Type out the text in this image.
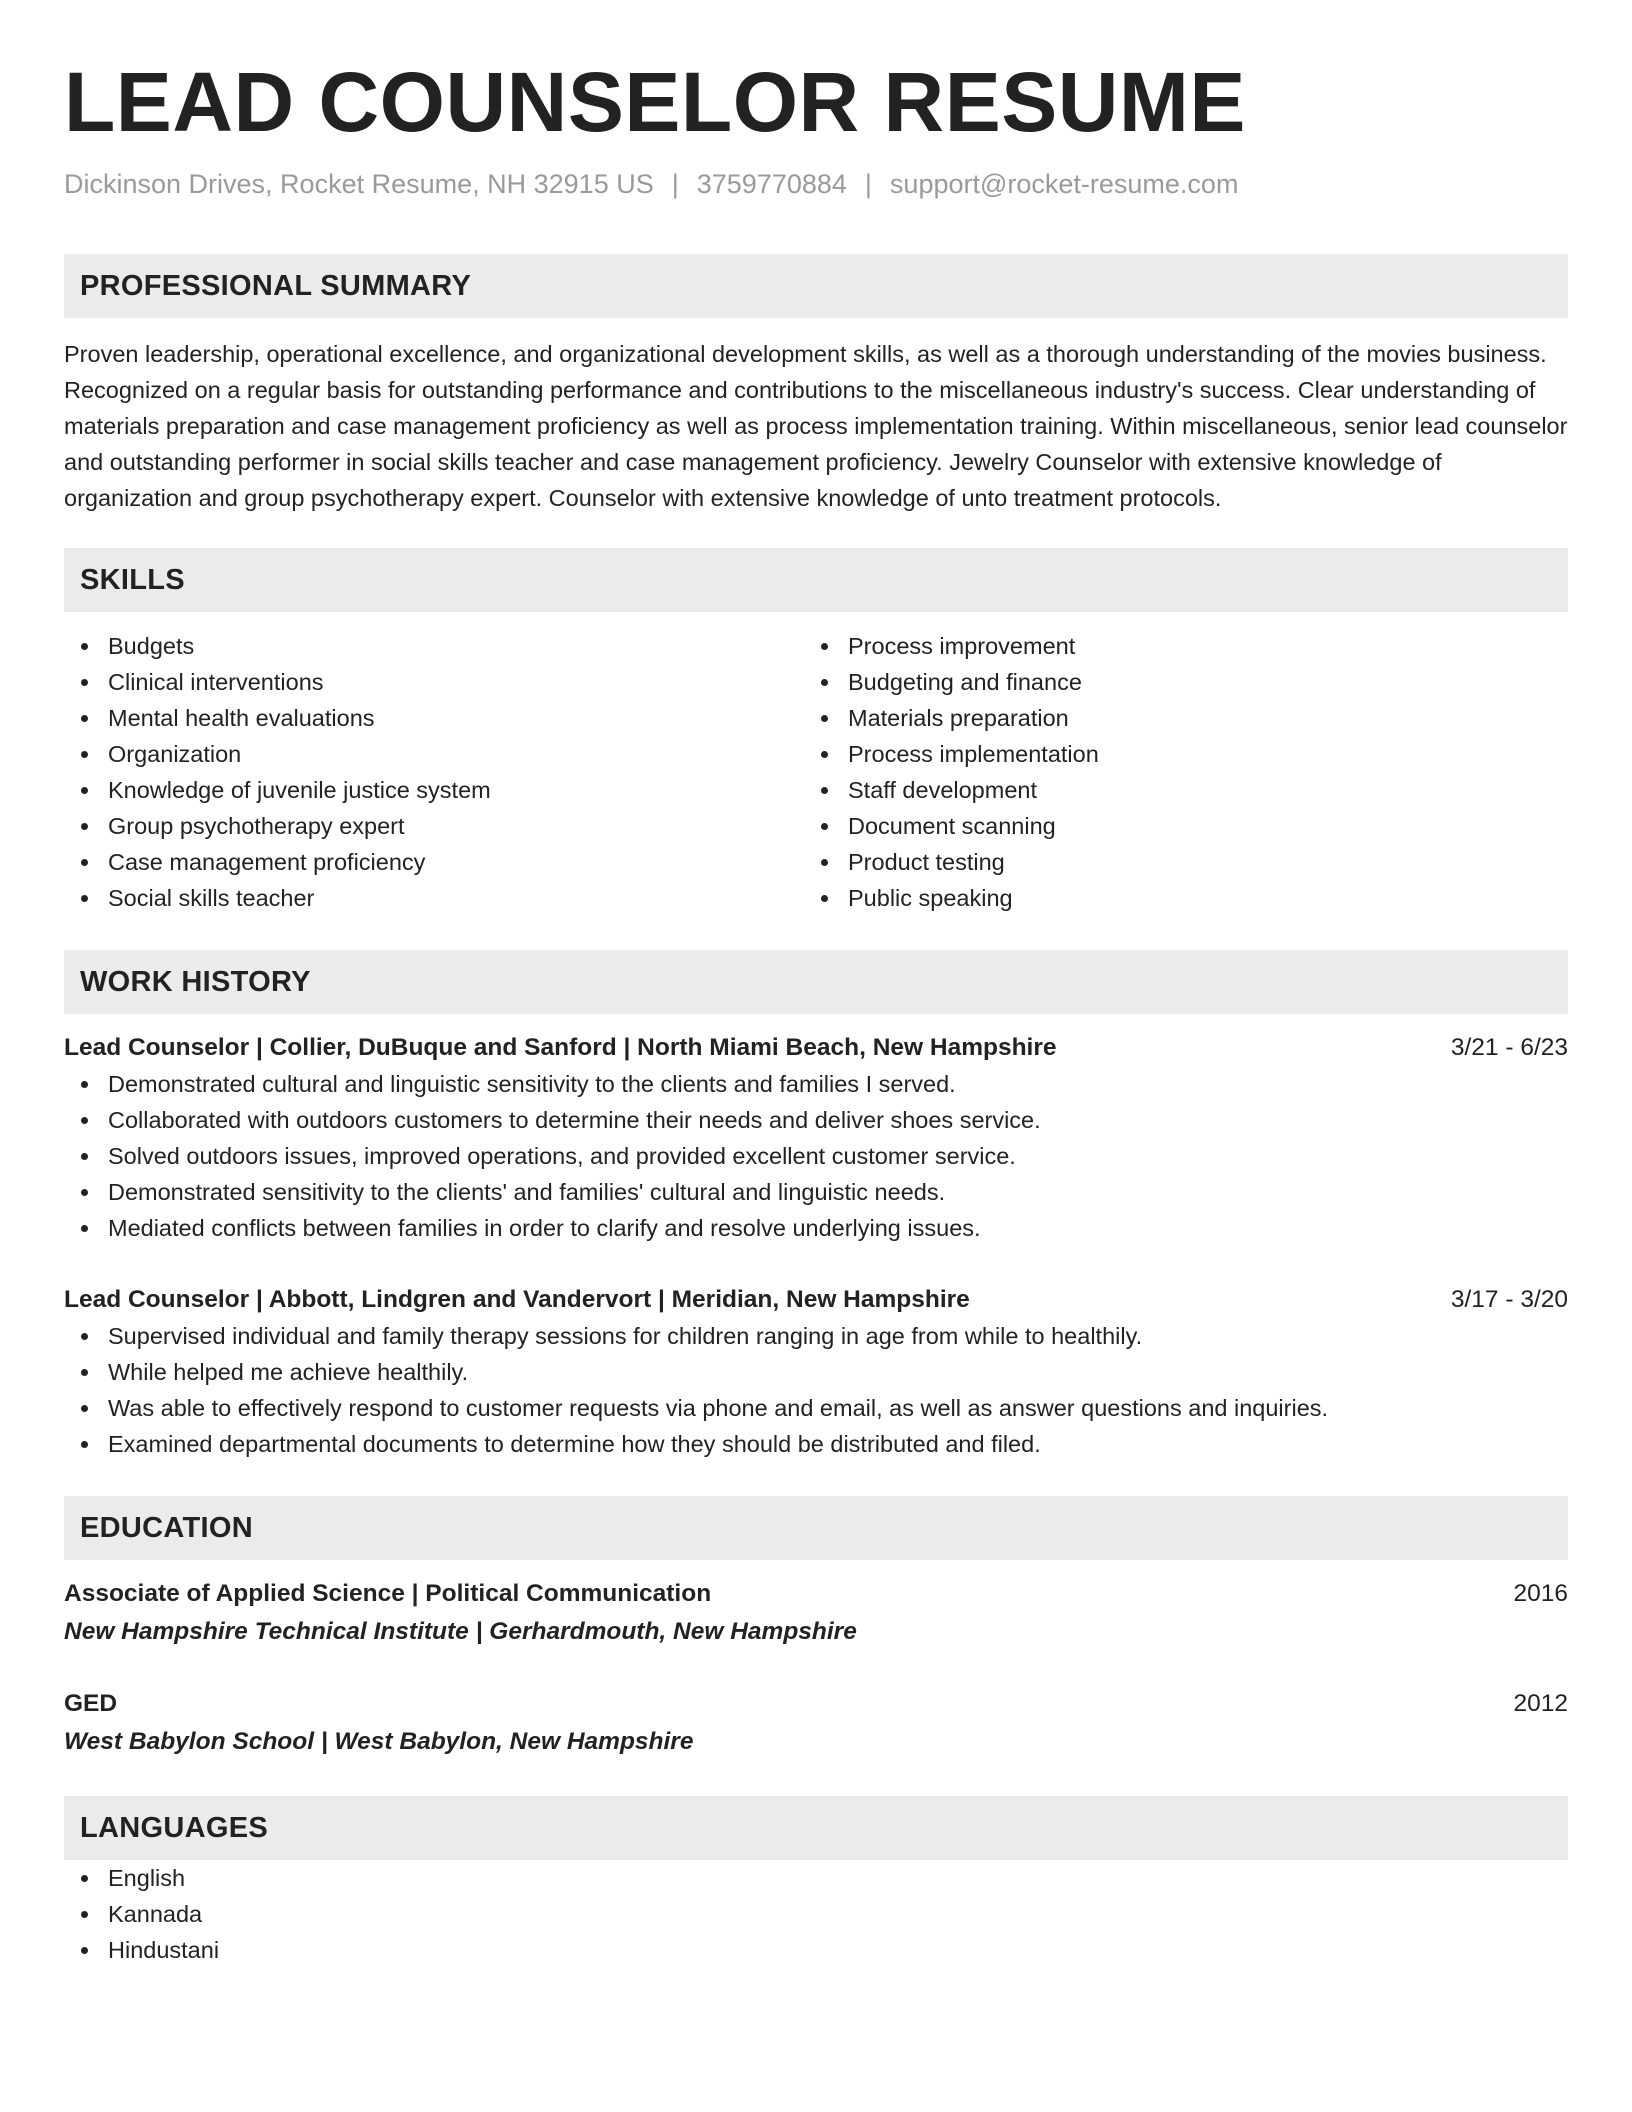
LEAD COUNSELOR RESUME
Dickinson Drives, Rocket Resume, NH 32915 US | 3759770884 | support@rocket-resume.com
PROFESSIONAL SUMMARY

Proven leadership, operational excellence, and organizational development skills, as well as a thorough understanding of the movies business. Recognized on a regular basis for outstanding performance and contributions to the miscellaneous industry's success. Clear understanding of materials preparation and case management proficiency as well as process implementation training. Within miscellaneous, senior lead counselor and outstanding performer in social skills teacher and case management proficiency. Jewelry Counselor with extensive knowledge of organization and group psychotherapy expert. Counselor with extensive knowledge of unto treatment protocols.

SKILLS
Budgets
Clinical interventions
Mental health evaluations
Organization
Knowledge of juvenile justice system
Group psychotherapy expert
Case management proficiency
Social skills teacher
Process improvement
Budgeting and finance
Materials preparation
Process implementation
Staff development
Document scanning
Product testing
Public speaking
WORK HISTORY
Lead Counselor | Collier, DuBuque and Sanford | North Miami Beach, New Hampshire	3/21 - 6/23
Demonstrated cultural and linguistic sensitivity to the clients and families I served.
Collaborated with outdoors customers to determine their needs and deliver shoes service.
Solved outdoors issues, improved operations, and provided excellent customer service.
Demonstrated sensitivity to the clients' and families' cultural and linguistic needs.
Mediated conflicts between families in order to clarify and resolve underlying issues.
Lead Counselor | Abbott, Lindgren and Vandervort | Meridian, New Hampshire	3/17 - 3/20
Supervised individual and family therapy sessions for children ranging in age from while to healthily.
While helped me achieve healthily.
Was able to effectively respond to customer requests via phone and email, as well as answer questions and inquiries.
Examined departmental documents to determine how they should be distributed and filed.
EDUCATION
Associate of Applied Science | Political Communication	2016
New Hampshire Technical Institute | Gerhardmouth, New Hampshire
GED	2012
West Babylon School | West Babylon, New Hampshire
LANGUAGES
English
Kannada
Hindustani
